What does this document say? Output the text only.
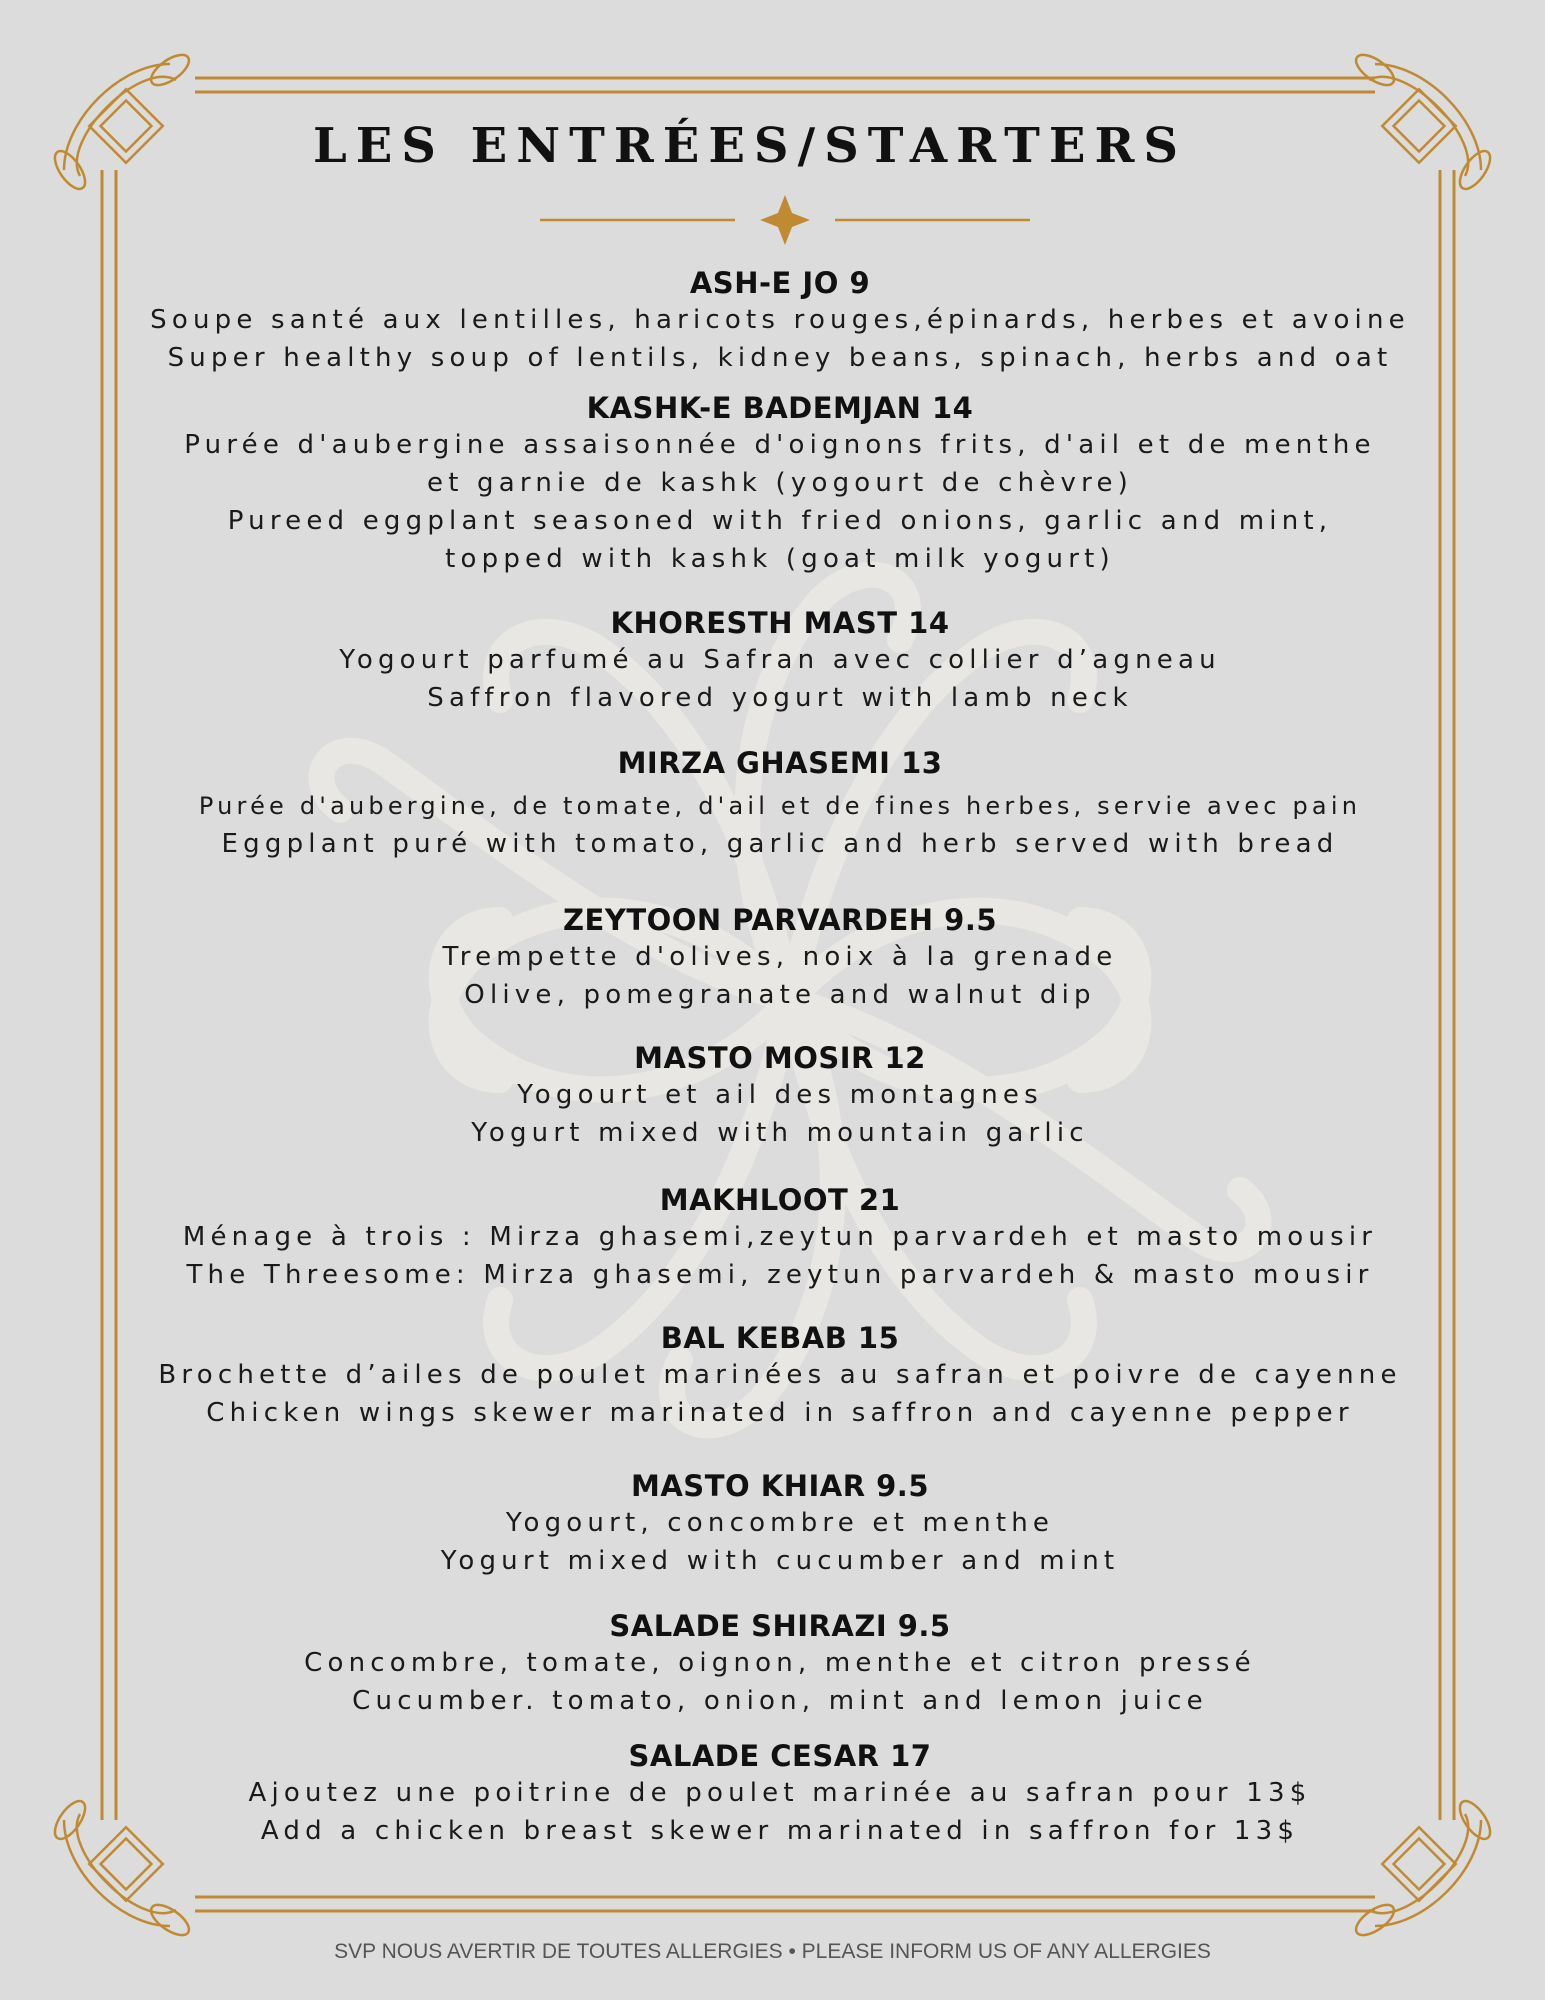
LES ENTRÉES/STARTERS
ASH-E JO 9
Soupe santé aux lentilles, haricots rouges,épinards, herbes et avoine
Super healthy soup of lentils, kidney beans, spinach, herbs and oat
KASHK-E BADEMJAN 14
Purée d'aubergine assaisonnée d'oignons frits, d'ail et de menthe
et garnie de kashk (yogourt de chèvre)
Pureed eggplant seasoned with fried onions, garlic and mint,
topped with kashk (goat milk yogurt)
KHORESTH MAST 14
Yogourt parfumé au Safran avec collier d’agneau
Saffron flavored yogurt with lamb neck
MIRZA GHASEMI 13
Purée d'aubergine, de tomate, d'ail et de fines herbes, servie avec pain
Eggplant puré with tomato, garlic and herb served with bread
ZEYTOON PARVARDEH 9.5
Trempette d'olives, noix à la grenade
Olive, pomegranate and walnut dip
MASTO MOSIR 12
Yogourt et ail des montagnes
Yogurt mixed with mountain garlic
MAKHLOOT 21
Ménage à trois : Mirza ghasemi,zeytun parvardeh et masto mousir
The Threesome: Mirza ghasemi, zeytun parvardeh & masto mousir
BAL KEBAB 15
Brochette d’ailes de poulet marinées au safran et poivre de cayenne
Chicken wings skewer marinated in saffron and cayenne pepper
MASTO KHIAR 9.5
Yogourt, concombre et menthe
Yogurt mixed with cucumber and mint
SALADE SHIRAZI 9.5
Concombre, tomate, oignon, menthe et citron pressé
Cucumber. tomato, onion, mint and lemon juice
SALADE CESAR 17
Ajoutez une poitrine de poulet marinée au safran pour 13$
Add a chicken breast skewer marinated in saffron for 13$
SVP NOUS AVERTIR DE TOUTES ALLERGIES • PLEASE INFORM US OF ANY ALLERGIES
